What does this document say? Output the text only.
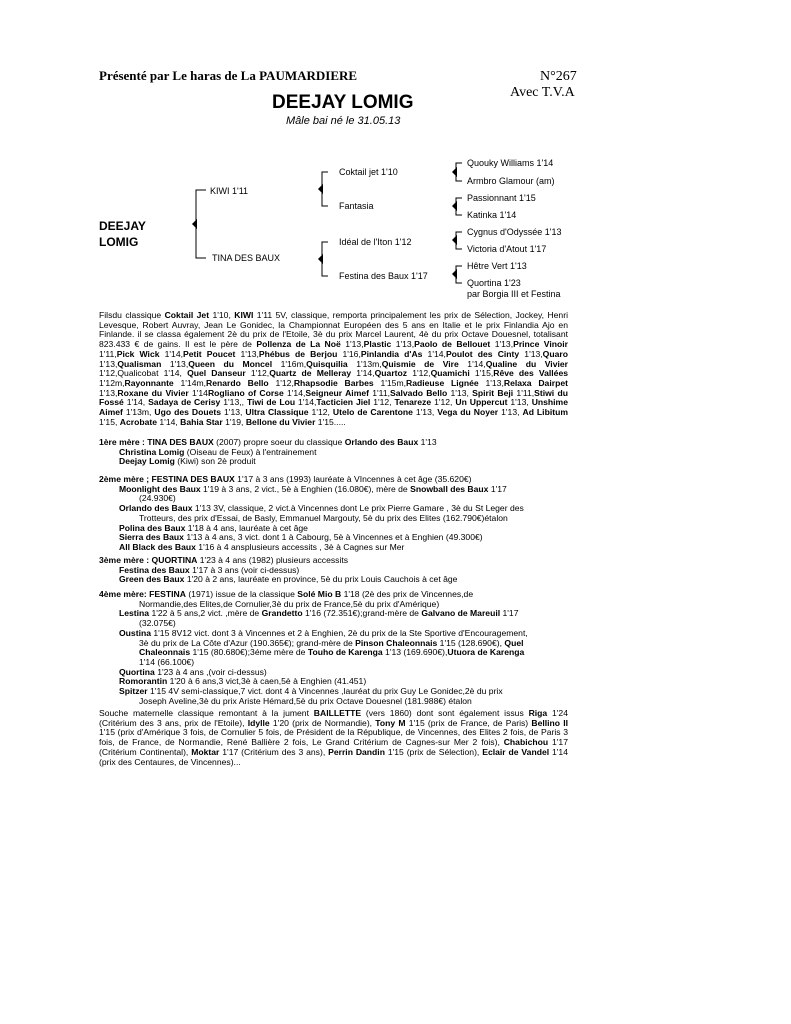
Présenté par Le haras de La PAUMARDIERE	N°267
Avec T.V.A
DEEJAY LOMIG
Mâle bai né le 31.05.13
DEEJAY
LOMIG
KIWI 1'11
TINA DES BAUX
Coktail jet 1'10
Fantasia
Idéal de l'Iton 1'12
Festina des Baux 1'17
Quouky Williams 1'14
Armbro Glamour (am)
Passionnant 1'15
Katinka 1'14
Cygnus d'Odyssée 1'13
Victoria d'Atout 1'17
Hêtre Vert 1'13
Quortina 1'23
par Borgia III et Festina
Filsdu classique Coktail Jet 1'10, KIWI 1'11 5V, classique, remporta principalement les prix de Sélection, Jockey, Henri Levesque, Robert Auvray, Jean Le Gonidec, la Championnat Européen des 5 ans en Italie et le prix Finlandia Ajo en Finlande. il se classa également 2è du prix de l'Etoile, 3è du prix Marcel Laurent, 4è du prix Octave Douesnel, totalisant 823.433 € de gains. Il est le père de Pollenza de La Noë 1'13,Plastic 1'13,Paolo de Bellouet 1'13,Prince Vinoir 1'11,Pick Wick 1'14,Petit Poucet 1'13,Phébus de Berjou 1'16,Pinlandia d'As 1'14,Poulot des Cinty 1'13,Quaro 1'13,Qualisman 1'13,Queen du Moncel 1'16m,Quisquilia 1'13m,Quismie de Vire 1'14,Qualine du Vivier 1'12,Qualicobat 1'14, Quel Danseur 1'12,Quartz de Melleray 1'14,Quartoz 1'12,Quamichi 1'15,Rêve des Vallées 1'12m,Rayonnante 1'14m,Renardo Bello 1'12,Rhapsodie Barbes 1'15m,Radieuse Lignée 1'13,Relaxa Dairpet 1'13,Roxane du Vivier 1'14Rogliano of Corse 1'14,Seigneur Aimef 1'11,Salvado Bello 1'13, Spirit Beji 1'11,Stiwi du Fossé 1'14, Sadaya de Cerisy 1'13,, Tiwi de Lou 1'14,Tacticien Jiel 1'12, Tenareze 1'12, Un Uppercut 1'13, Unshime Aimef 1'13m, Ugo des Douets 1'13, Ultra Classique 1'12, Utelo de Carentone 1'13, Vega du Noyer 1'13, Ad Libitum 1'15, Acrobate 1'14, Bahia Star 1'19, Bellone du Vivier 1'15.....

1ère mère : TINA DES BAUX (2007) propre soeur du classique Orlando des Baux 1'13

Christina Lomig (Oiseau de Feux) à l'entrainement

Deejay Lomig (Kiwi) son 2è produit

2ème mère ; FESTINA DES BAUX 1'17 à 3 ans (1993) lauréate à VIncennes à cet âge (35.620€)

Moonlight des Baux 1'19 à 3 ans, 2 vict., 5è à Enghien (16.080€), mère de Snowball des Baux 1'17

(24.930€)

Orlando des Baux 1'13 3V, classique, 2 vict.à Vincennes dont Le prix Pierre Gamare , 3è du St Leger des

Trotteurs, des prix d'Essai, de Basly, Emmanuel Margouty, 5è du prix des Elites (162.790€)étalon

Polina des Baux 1'18 à 4 ans, lauréate à cet âge

Sierra des Baux 1'13 à 4 ans, 3 vict. dont 1 à Cabourg, 5è à Vincennes et à Enghien (49.300€)

All Black des Baux 1'16 à 4 ansplusieurs accessits , 3è à Cagnes sur Mer

3ème mère : QUORTINA 1'23 à 4 ans (1982) plusieurs accessits

Festina des Baux 1'17 à 3 ans (voir ci-dessus)

Green des Baux 1'20 à 2 ans, lauréate en province, 5è du prix Louis Cauchois à cet âge

4ème mère: FESTINA (1971) issue de la classique Solé Mio B 1'18 (2è des prix de Vincennes,de

Normandie,des Elites,de Cornulier,3è du prix de France,5è du prix d'Amérique)

Lestina 1'22 à 5 ans,2 vict. ,mère de Grandetto 1'16 (72.351€);grand-mère de Galvano de Mareuil 1'17

(32.075€)

Oustina 1'15 8V12 vict. dont 3 à Vincennes et 2 à Enghien, 2è du prix de la Ste Sportive d'Encouragement,

3è du prix de La Côte d'Azur (190.365€); grand-mère de Pinson Chaleonnais 1'15 (128.690€), Quel

Chaleonnais 1'15 (80.680€);3éme mère de Touho de Karenga 1'13 (169.690€),Utuora de Karenga

1'14 (66.100€)

Quortina 1'23 à 4 ans ,(voir ci-dessus)

Romorantin 1'20 à 6 ans,3 vict,3è à caen,5è à Enghien (41.451)

Spitzer 1'15 4V semi-classique,7 vict. dont 4 à Vincennes ,lauréat du prix Guy Le Gonidec,2è du prix

Joseph Aveline,3è du prix Ariste Hémard,5è du prix Octave Douesnel (181.988€) étalon

Souche maternelle classique remontant à la jument BAILLETTE (vers 1860) dont sont également issus Riga 1'24 (Critérium des 3 ans, prix de l'Etoile), Idylle 1'20 (prix de Normandie), Tony M 1'15 (prix de France, de Paris) Bellino II 1'15 (prix d'Amérique 3 fois, de Cornulier 5 fois, de Président de la République, de Vincennes, des Elites 2 fois, de Paris 3 fois, de France, de Normandie, René Ballière 2 fois, Le Grand Critérium de Cagnes-sur Mer 2 fois), Chabichou 1'17 (Critérium Continental), Moktar 1'17 (Critérium des 3 ans), Perrin Dandin 1'15 (prix de Sélection), Eclair de Vandel 1'14 (prix des Centaures, de Vincennes)...
